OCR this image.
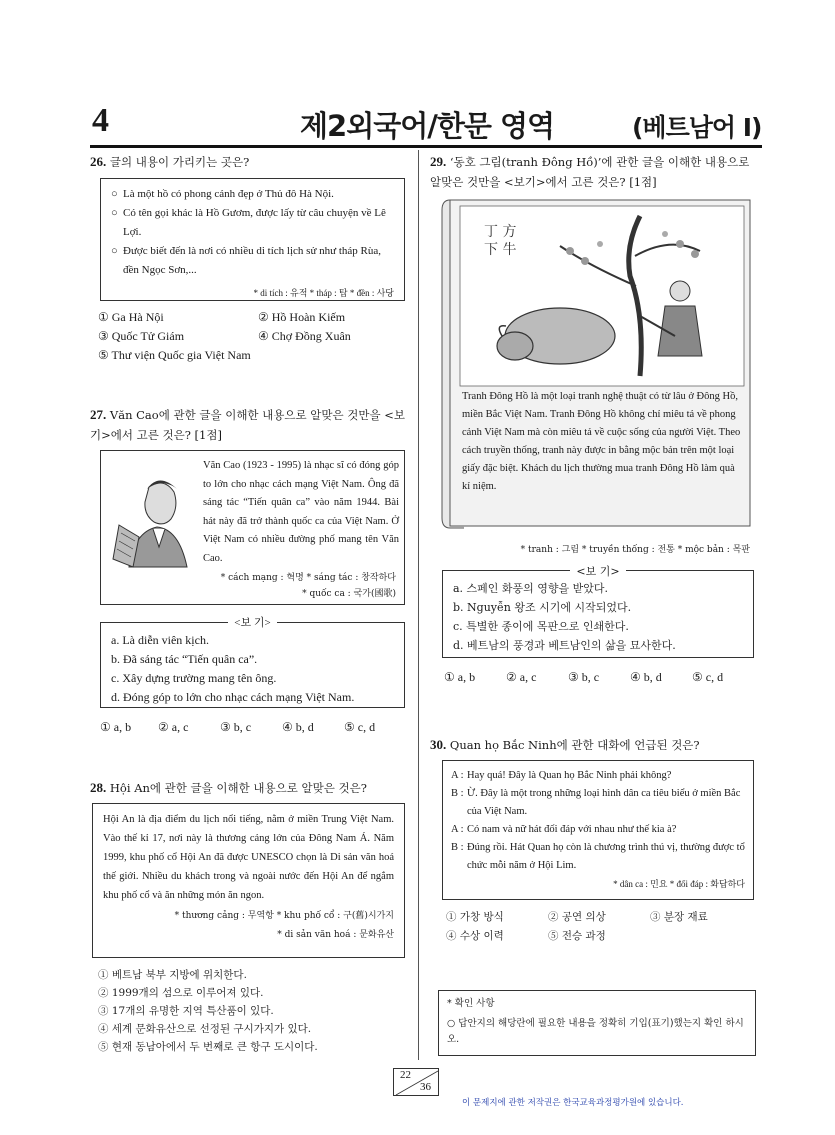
4	제2외국어/한문 영역	(베트남어 I)
26. 글의 내용이 가리키는 곳은?
○ Là một hồ có phong cảnh đẹp ở Thủ đô Hà Nội.
○ Có tên gọi khác là Hồ Gươm, được lấy từ câu chuyện về Lê Lợi.
○ Được biết đến là nơi có nhiều di tích lịch sử như tháp Rùa, đền Ngọc Sơn,...
* di tích : 유적 * tháp : 탑 * đền : 사당
① Ga Hà Nội	② Hồ Hoàn Kiếm
③ Quốc Tử Giám	④ Chợ Đồng Xuân
⑤ Thư viện Quốc gia Việt Nam
27. Văn Cao에 관한 글을 이해한 내용으로 알맞은 것만을 <보기>에서 고른 것은? [1점]
Văn Cao (1923 - 1995) là nhạc sĩ có đóng góp to lớn cho nhạc cách mạng Việt Nam. Ông đã sáng tác “Tiến quân ca” vào năm 1944. Bài hát này đã trở thành quốc ca của Việt Nam. Ở Việt Nam có nhiều đường phố mang tên Văn Cao.
* cách mạng : 혁명 * sáng tác : 창작하다
* quốc ca : 국가(國歌)
<보 기>
a. Là diễn viên kịch.
b. Đã sáng tác “Tiến quân ca”.
c. Xây dựng trường mang tên ông.
d. Đóng góp to lớn cho nhạc cách mạng Việt Nam.
① a, b	② a, c	③ b, c	④ b, d	⑤ c, d
28. Hội An에 관한 글을 이해한 내용으로 알맞은 것은?
Hội An là địa điểm du lịch nổi tiếng, nằm ở miền Trung Việt Nam. Vào thế kỉ 17, nơi này là thương cảng lớn của Đông Nam Á. Năm 1999, khu phố cổ Hội An đã được UNESCO chọn là Di sản văn hoá thế giới. Nhiều du khách trong và ngoài nước đến Hội An để ngắm khu phố cổ và ăn những món ăn ngon.
* thương cảng : 무역항 * khu phố cổ : 구(舊)시가지
* di sản văn hoá : 문화유산
① 베트남 북부 지방에 위치한다.
② 1999개의 섬으로 이루어져 있다.
③ 17개의 유명한 지역 특산품이 있다.
④ 세계 문화유산으로 선정된 구시가지가 있다.
⑤ 현재 동남아에서 두 번째로 큰 항구 도시이다.
29. ‘동호 그림(tranh Đông Hồ)’에 관한 글을 이해한 내용으로 알맞은 것만을 <보기>에서 고른 것은? [1점]
丁 方
下 牛
Tranh Đông Hồ là một loại tranh nghệ thuật có từ lâu ở Đông Hồ, miền Bắc Việt Nam. Tranh Đông Hồ không chỉ miêu tả về phong cảnh Việt Nam mà còn miêu tả về cuộc sống của người Việt. Theo cách truyền thống, tranh này được in bằng mộc bản trên một loại giấy đặc biệt. Khách du lịch thường mua tranh Đông Hồ làm quà kỉ niệm.
* tranh : 그림 * truyền thống : 전통 * mộc bản : 목판
<보 기>
a. 스페인 화풍의 영향을 받았다.
b. Nguyễn 왕조 시기에 시작되었다.
c. 특별한 종이에 목판으로 인쇄한다.
d. 베트남의 풍경과 베트남인의 삶을 묘사한다.
① a, b	② a, c	③ b, c	④ b, d	⑤ c, d
30. Quan họ Bắc Ninh에 관한 대화에 언급된 것은?
A : Hay quá! Đây là Quan họ Bắc Ninh phải không?
B : Ừ. Đây là một trong những loại hình dân ca tiêu biểu ở miền Bắc của Việt Nam.
A : Có nam và nữ hát đối đáp với nhau như thế kia à?
B : Đúng rồi. Hát Quan họ còn là chương trình thú vị, thường được tổ chức mỗi năm ở Hội Lim.
* dân ca : 민요 * đối đáp : 화답하다
① 가창 방식	② 공연 의상	③ 분장 재료
④ 수상 이력	⑤ 전승 과정
* 확인 사항
○ 답안지의 해당란에 필요한 내용을 정확히 기입(표기)했는지 확인 하시오.
22
36
이 문제지에 관한 저작권은 한국교육과정평가원에 있습니다.
